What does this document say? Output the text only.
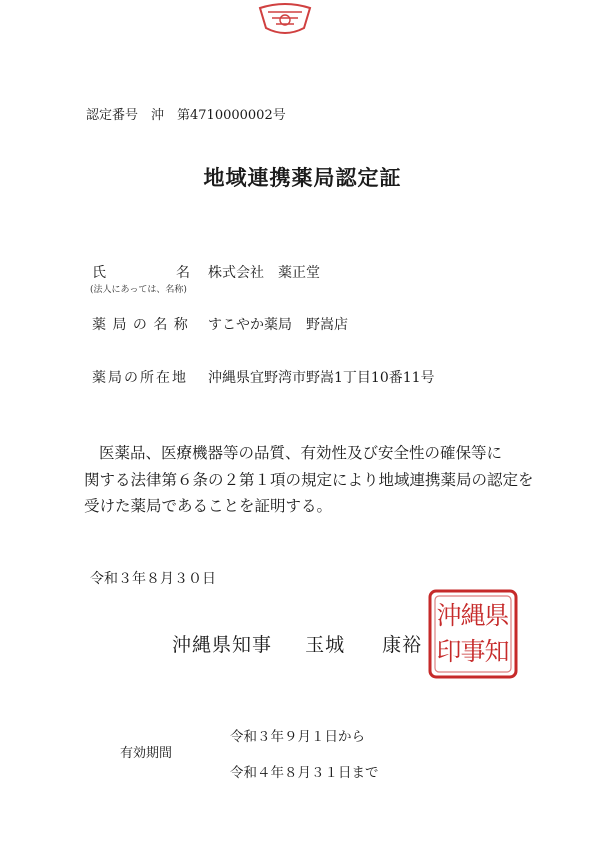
認定番号　沖　第4710000002号
地域連携薬局認定証
氏　　　　　名 株式会社　薬正堂
(法人にあっては、名称)
薬 局 の 名 称 すこやか薬局　野嵩店
薬局の所在地 沖縄県宜野湾市野嵩1丁目10番11号
医薬品、医療機器等の品質、有効性及び安全性の確保等に
関する法律第６条の２第１項の規定により地域連携薬局の認定を
受けた薬局であることを証明する。
令和３年８月３０日
沖縄県知事 玉城 康裕
県
知
縄
事
沖
印
有効期間
令和３年９月１日から
令和４年８月３１日まで
